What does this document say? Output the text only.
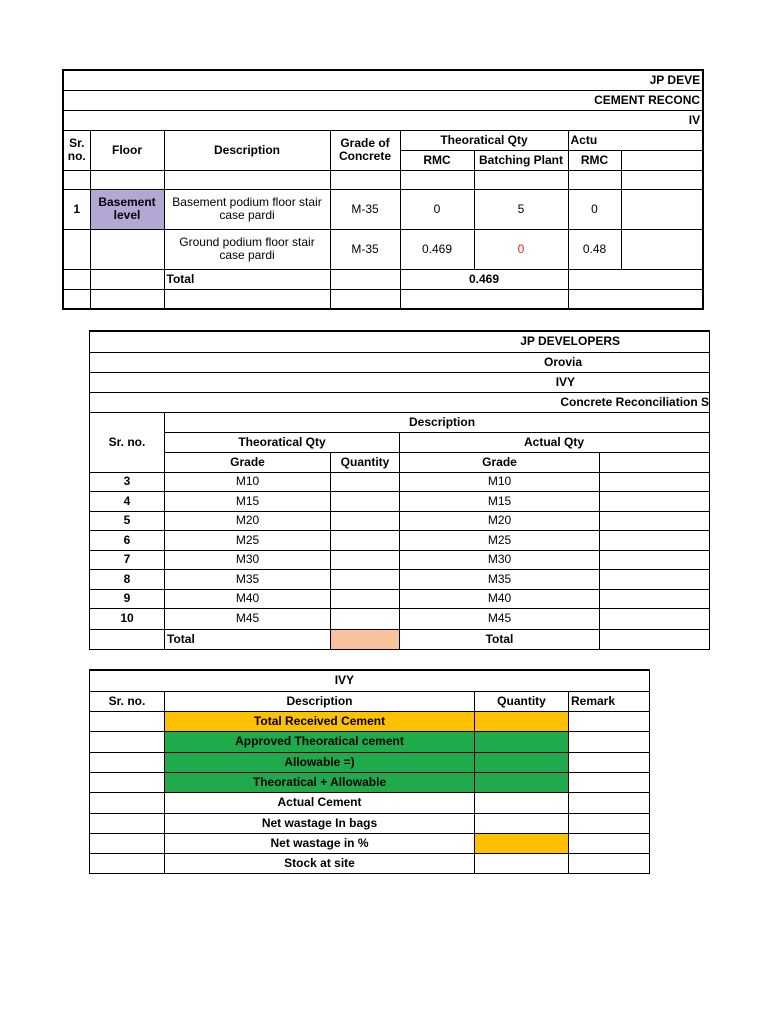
JP DEVE							
CEMENT RECONC							
IV							
Sr. no.	Floor	Description	Grade of Concrete	Theoratical Qty		Actu	
				RMC	Batching Plant	RMC	

1	Basement level	Basement podium floor stair case pardi	M-35	0	5	0	
		Ground podium floor stair case pardi	M-35	0.469	0	0.48	
		Total		0.469			

JP DEVELOPERS				
Orovia				
IVY				
Concrete Reconciliation S				
Sr. no.	Description			
	Theoratical Qty		Actual Qty	
	Grade	Quantity	Grade	
3	M10		M10	
4	M15		M15	
5	M20		M20	
6	M25		M25	
7	M30		M30	
8	M35		M35	
9	M40		M40	
10	M45		M45	
	Total		Total	
IVY			
Sr. no.	Description	Quantity	Remark
	Total Received Cement		
	Approved Theoratical cement		
	Allowable =)		
	Theoratical + Allowable		
	Actual Cement		
	Net wastage In bags		
	Net wastage in %		
	Stock at site		
